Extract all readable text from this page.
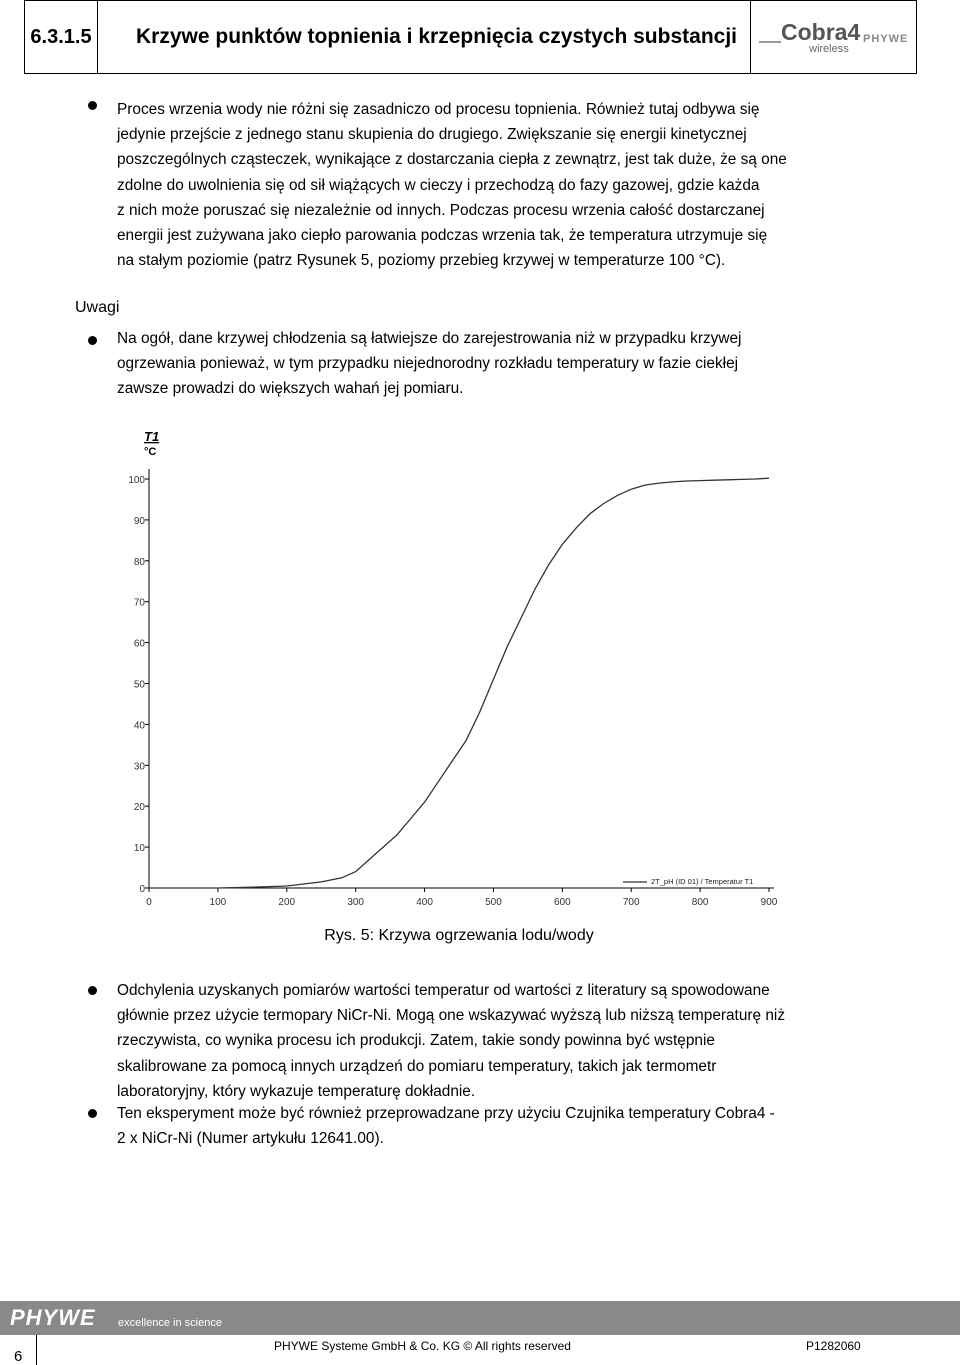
6.3.1.5	Krzywe punktów topnienia i krzepnięcia czystych substancji	Cobra4
wireless
PHYWE
Proces wrzenia wody nie różni się zasadniczo od procesu topnienia. Również tutaj odbywa się
jedynie przejście z jednego stanu skupienia do drugiego. Zwiększanie się energii kinetycznej
poszczególnych cząsteczek, wynikające z dostarczania ciepła z zewnątrz, jest tak duże, że są one
zdolne do uwolnienia się od sił wiążących w cieczy i przechodzą do fazy gazowej, gdzie każda
z nich może poruszać się niezależnie od innych. Podczas procesu wrzenia całość dostarczanej
energii jest zużywana jako ciepło parowania podczas wrzenia tak, że temperatura utrzymuje się
na stałym poziomie (patrz Rysunek 5, poziomy przebieg krzywej w temperaturze 100 °C).
Uwagi
Na ogół, dane krzywej chłodzenia są łatwiejsze do zarejestrowania niż w przypadku krzywej
ogrzewania ponieważ, w tym przypadku niejednorodny rozkładu temperatury w fazie ciekłej
zawsze prowadzi do większych wahań jej pomiaru.
T1
°C
0
10
20
30
40
50
60
70
80
90
100
0	100	200	300	400	500	600	700	800	900
2T_pH (ID 01) / Temperatur T1
Rys. 5: Krzywa ogrzewania lodu/wody
Odchylenia uzyskanych pomiarów wartości temperatur od wartości z literatury są spowodowane
głównie przez użycie termopary NiCr-Ni. Mogą one wskazywać wyższą lub niższą temperaturę niż
rzeczywista, co wynika procesu ich produkcji. Zatem, takie sondy powinna być wstępnie
skalibrowane za pomocą innych urządzeń do pomiaru temperatury, takich jak termometr
laboratoryjny, który wykazuje temperaturę dokładnie.
Ten eksperyment może być również przeprowadzane przy użyciu Czujnika temperatury Cobra4 -
2 x NiCr-Ni (Numer artykułu 12641.00).
PHYWE excellence in science
PHYWE Systeme GmbH & Co. KG © All rights reserved	P1282060
6
